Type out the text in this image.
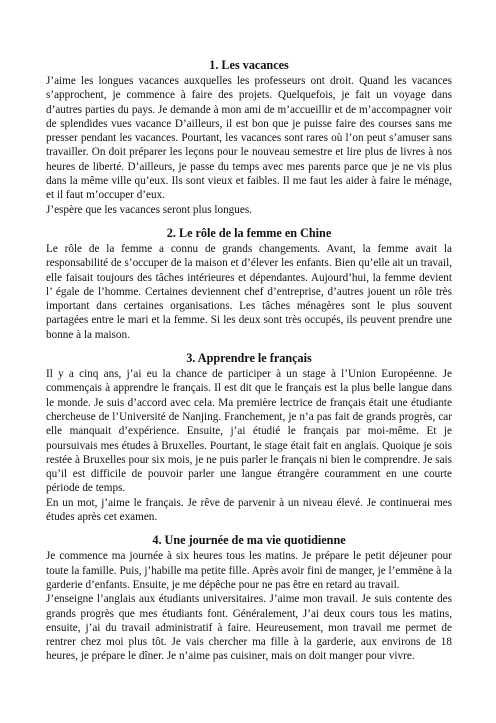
1. Les vacances

J’aime les longues vacances auxquelles les professeurs ont droit. Quand les vacances s’approchent, je commence à faire des projets. Quelquefois, je fait un voyage dans d’autres parties du pays. Je demande à mon ami de m’accueillir et de m’accompagner voir de splendides vues vacance D’ailleurs, il est bon que je puisse faire des courses sans me presser pendant les vacances. Pourtant, les vacances sont rares où l’on peut s’amuser sans travailler. On doit préparer les leçons pour le nouveau semestre et lire plus de livres à nos heures de liberté. D’ailleurs, je passe du temps avec mes parents parce que je ne vis plus dans la même ville qu’eux. Ils sont vieux et faibles. Il me faut les aider à faire le ménage, et il faut m’occuper d’eux.

J’espère que les vacances seront plus longues.

2. Le rôle de la femme en Chine

Le rôle de la femme a connu de grands changements. Avant, la femme avait la responsabilité de s’occuper de la maison et d’élever les enfants. Bien qu’elle ait un travail, elle faisait toujours des tâches intérieures et dépendantes. Aujourd’hui, la femme devient l’ égale de l’homme. Certaines deviennent chef d’entreprise, d’autres jouent un rôle très important dans certaines organisations. Les tâches ménagères sont le plus souvent partagées entre le mari et la femme. Si les deux sont très occupés, ils peuvent prendre une bonne à la maison.

3. Apprendre le français

Il y a cinq ans, j’ai eu la chance de participer à un stage à l’Union Européenne. Je commençais à apprendre le français. Il est dit que le français est la plus belle langue dans le monde. Je suis d’accord avec cela. Ma première lectrice de français était une étudiante chercheuse de l’Université de Nanjing. Franchement, je n’a pas fait de grands progrès, car elle manquait d’expérience. Ensuite, j’ai étudié le français par moi-même. Et je poursuivais mes études à Bruxelles. Pourtant, le stage était fait en anglais. Quoique je sois restée à Bruxelles pour six mois, je ne puis parler le français ni bien le comprendre. Je sais qu’il est difficile de pouvoir parler une langue étrangère couramment en une courte période de temps.

En un mot, j’aime le français. Je rêve de parvenir à un niveau élevé. Je continuerai mes études après cet examen.

4. Une journée de ma vie quotidienne

Je commence ma journée à six heures tous les matins. Je prépare le petit déjeuner pour toute la famille. Puis, j’habille ma petite fille. Après avoir fini de manger, je l’emmène à la garderie d’enfants. Ensuite, je me dépêche pour ne pas être en retard au travail.

J’enseigne l’anglais aux étudiants universitaires. J’aime mon travail. Je suis contente des grands progrès que mes étudiants font. Généralement, J’ai deux cours tous les matins, ensuite, j’ai du travail administratif à faire. Heureusement, mon travail me permet de rentrer chez moi plus tôt. Je vais chercher ma fille à la garderie, aux environs de 18 heures, je prépare le dîner. Je n’aime pas cuisiner, mais on doit manger pour vivre.
